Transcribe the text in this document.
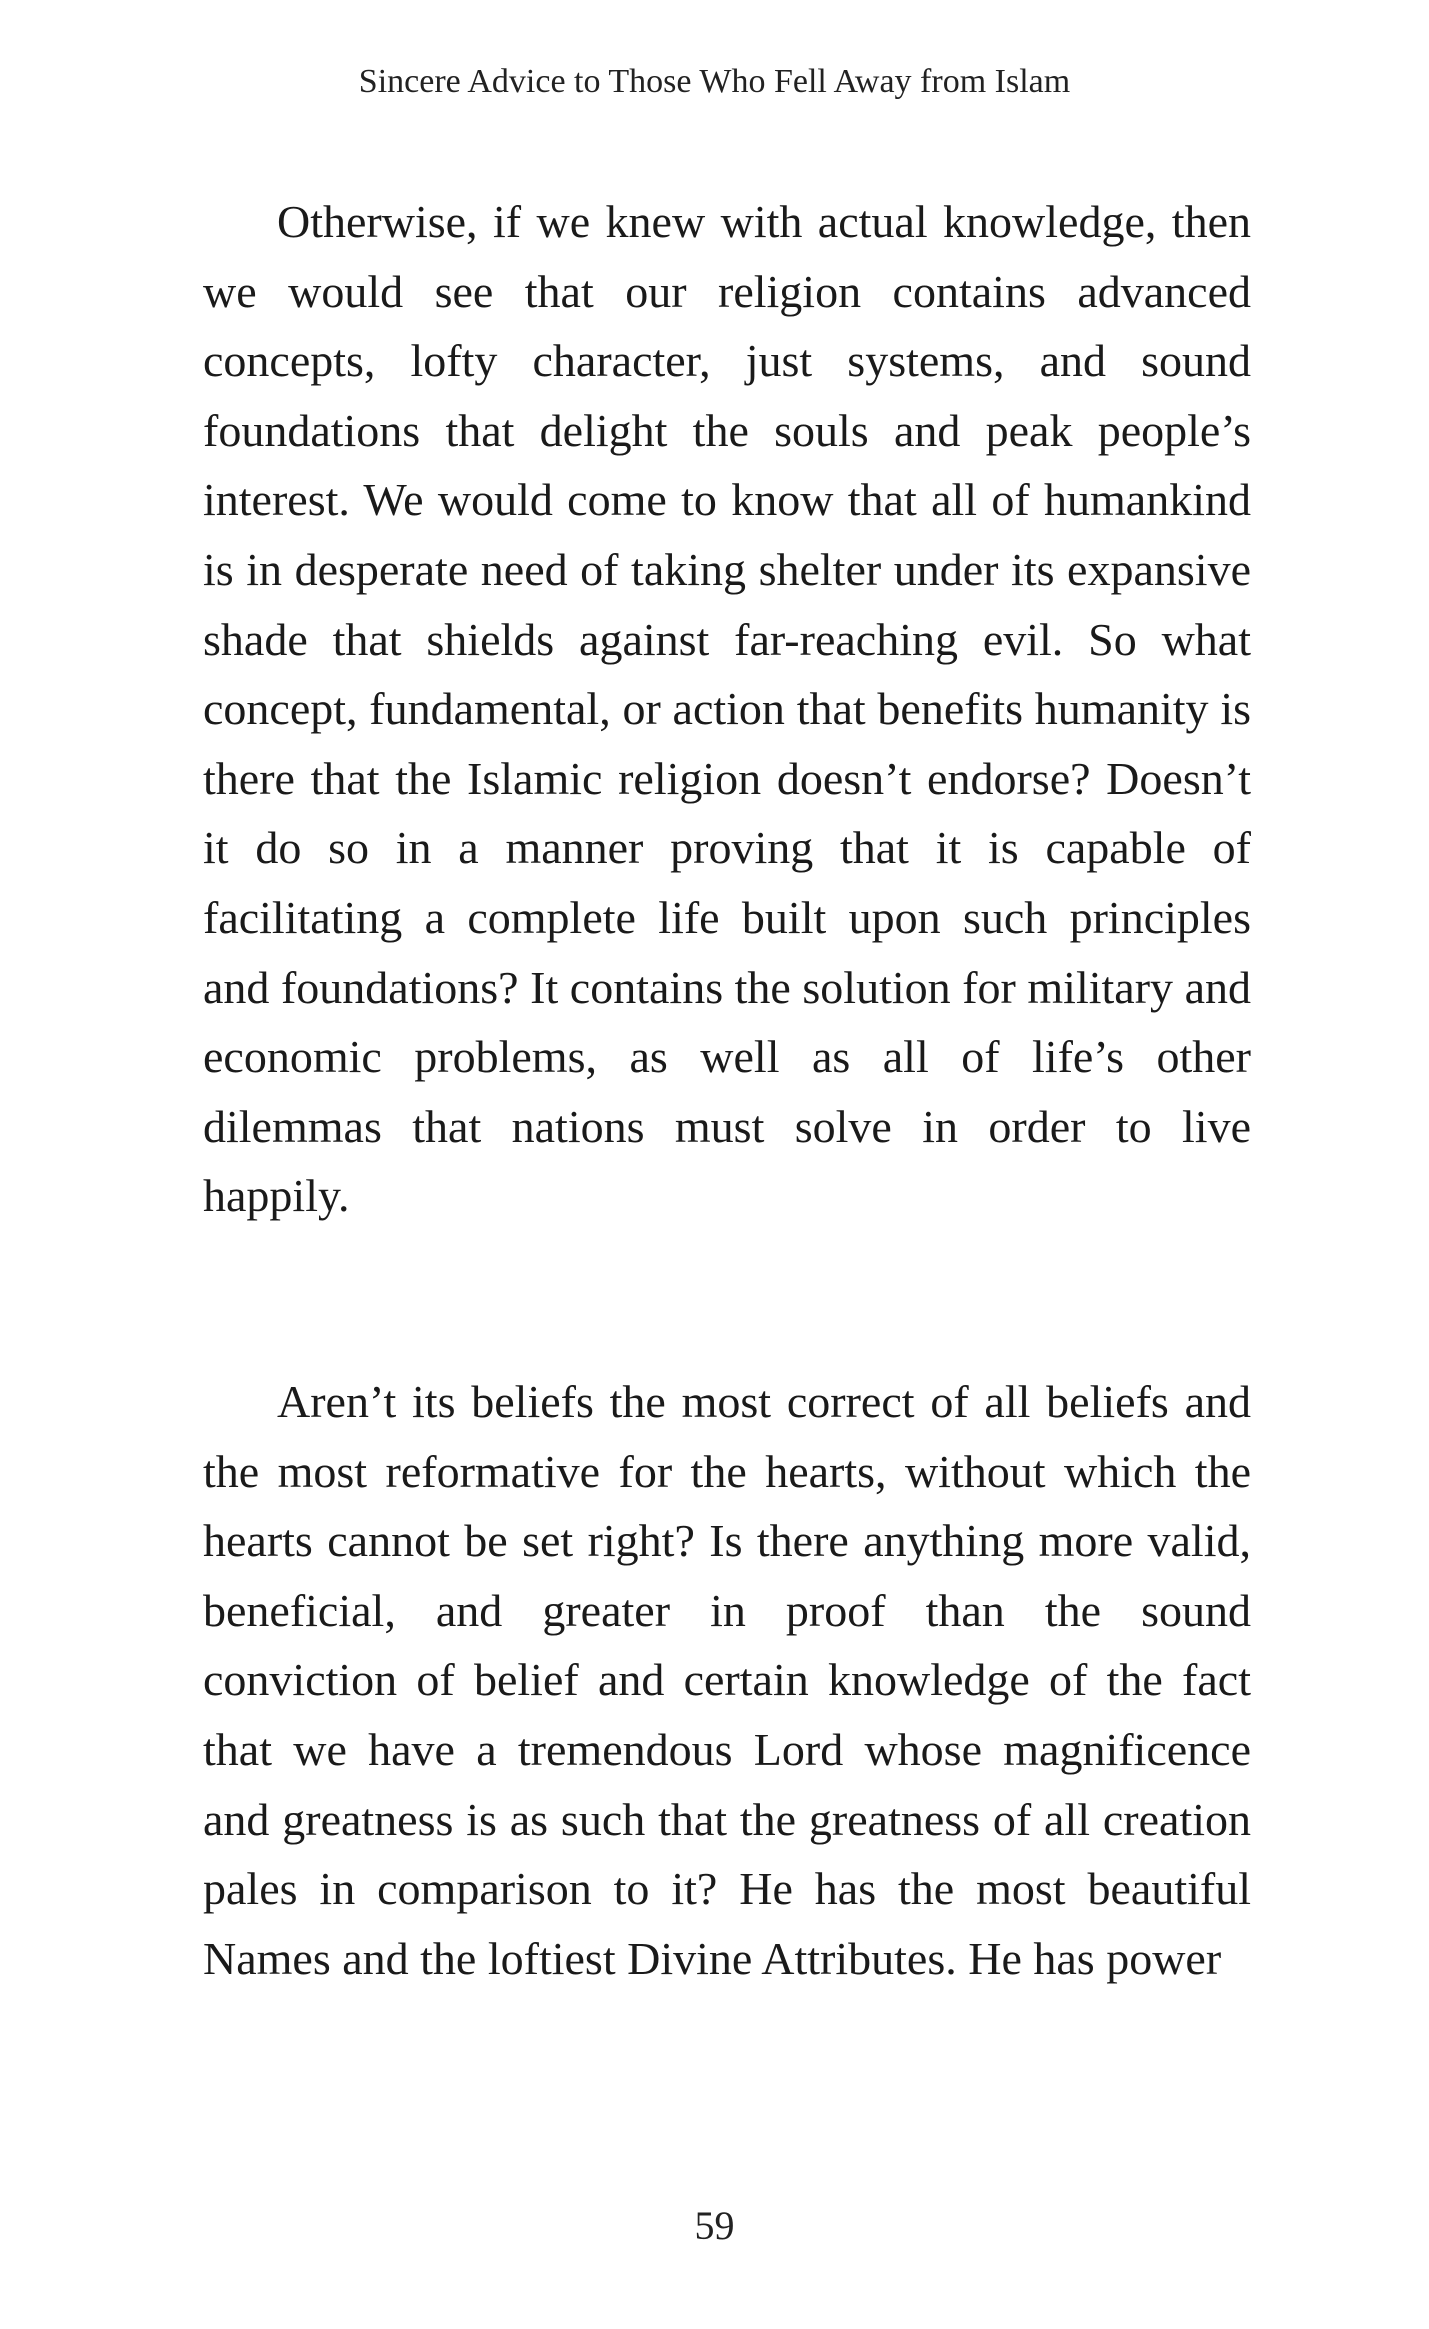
Sincere Advice to Those Who Fell Away from Islam

Otherwise, if we knew with actual knowledge, then we would see that our religion contains advanced concepts, lofty character, just systems, and sound foundations that delight the souls and peak people’s interest. We would come to know that all of humankind is in desperate need of taking shelter under its expansive shade that shields against far-reaching evil. So what concept, fundamental, or action that benefits humanity is there that the Islamic religion doesn’t endorse? Doesn’t it do so in a manner proving that it is capable of facilitating a complete life built upon such principles and foundations? It contains the solution for military and economic problems, as well as all of life’s other dilemmas that nations must solve in order to live happily.

Aren’t its beliefs the most correct of all beliefs and the most reformative for the hearts, without which the hearts cannot be set right? Is there anything more valid, beneficial, and greater in proof than the sound conviction of belief and certain knowledge of the fact that we have a tremendous Lord whose magnificence and greatness is as such that the greatness of all creation pales in comparison to it? He has the most beautiful Names and the loftiest Divine Attributes. He has power

59
